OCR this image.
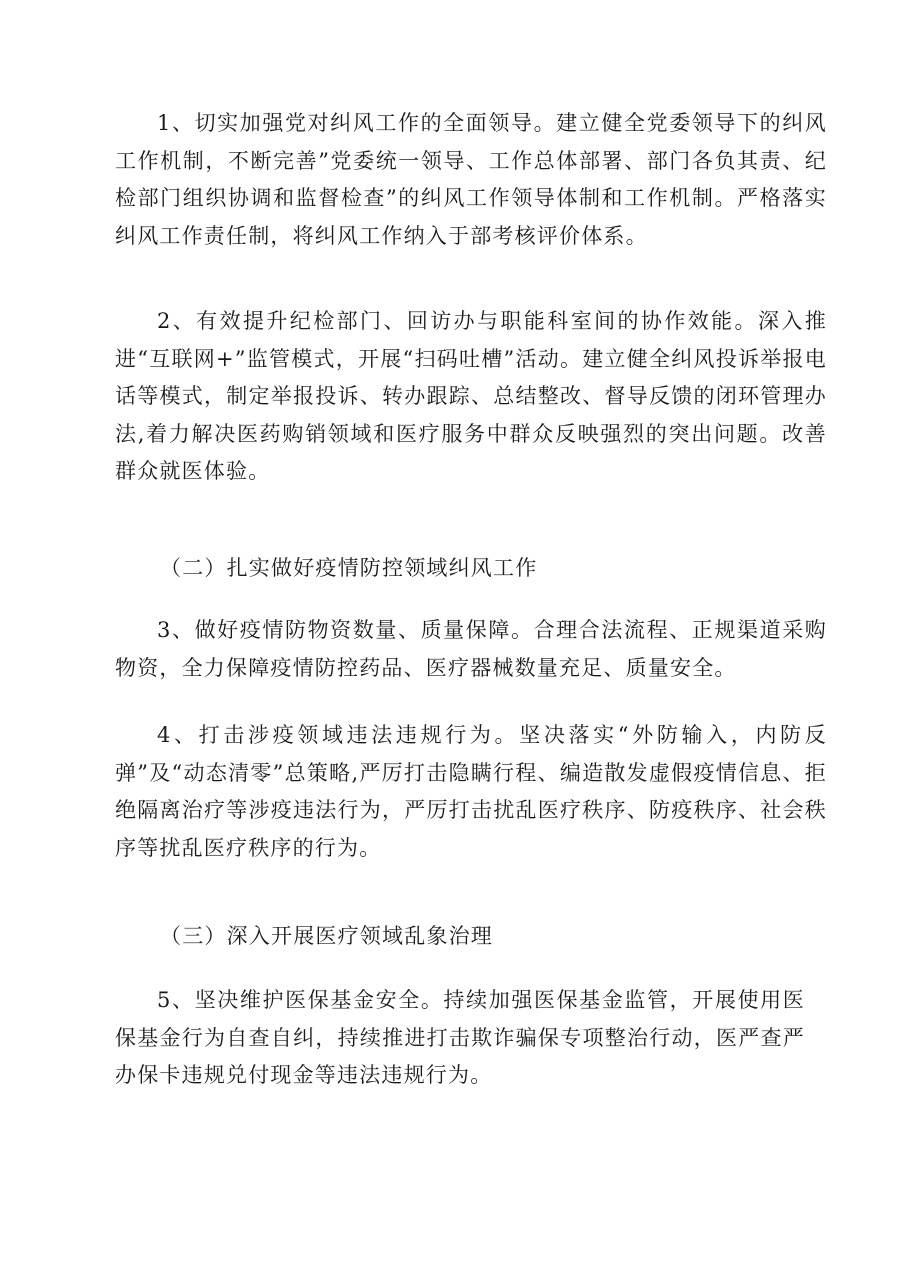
1、切实加强党对纠风工作的全面领导。建立健全党委领导下的纠风工作机制，不断完善”党委统一领导、工作总体部署、部门各负其责、纪检部门组织协调和监督检查”的纠风工作领导体制和工作机制。严格落实纠风工作责任制，将纠风工作纳入于部考核评价体系。

2、有效提升纪检部门、回访办与职能科室间的协作效能。深入推进“互联网+”监管模式，开展“扫码吐槽”活动。建立健全纠风投诉举报电话等模式，制定举报投诉、转办跟踪、总结整改、督导反馈的闭环管理办法,着力解决医药购销领域和医疗服务中群众反映强烈的突出问题。改善群众就医体验。

（二）扎实做好疫情防控领域纠风工作

3、做好疫情防物资数量、质量保障。合理合法流程、正规渠道采购物资，全力保障疫情防控药品、医疗器械数量充足、质量安全。

4、打击涉疫领域违法违规行为。坚决落实“外防输入，内防反弹”及“动态清零”总策略,严厉打击隐瞒行程、编造散发虚假疫情信息、拒绝隔离治疗等涉疫违法行为，严厉打击扰乱医疗秩序、防疫秩序、社会秩序等扰乱医疗秩序的行为。

（三）深入开展医疗领域乱象治理

5、坚决维护医保基金安全。持续加强医保基金监管，开展使用医保基金行为自查自纠，持续推进打击欺诈骗保专项整治行动，医严查严办保卡违规兑付现金等违法违规行为。
